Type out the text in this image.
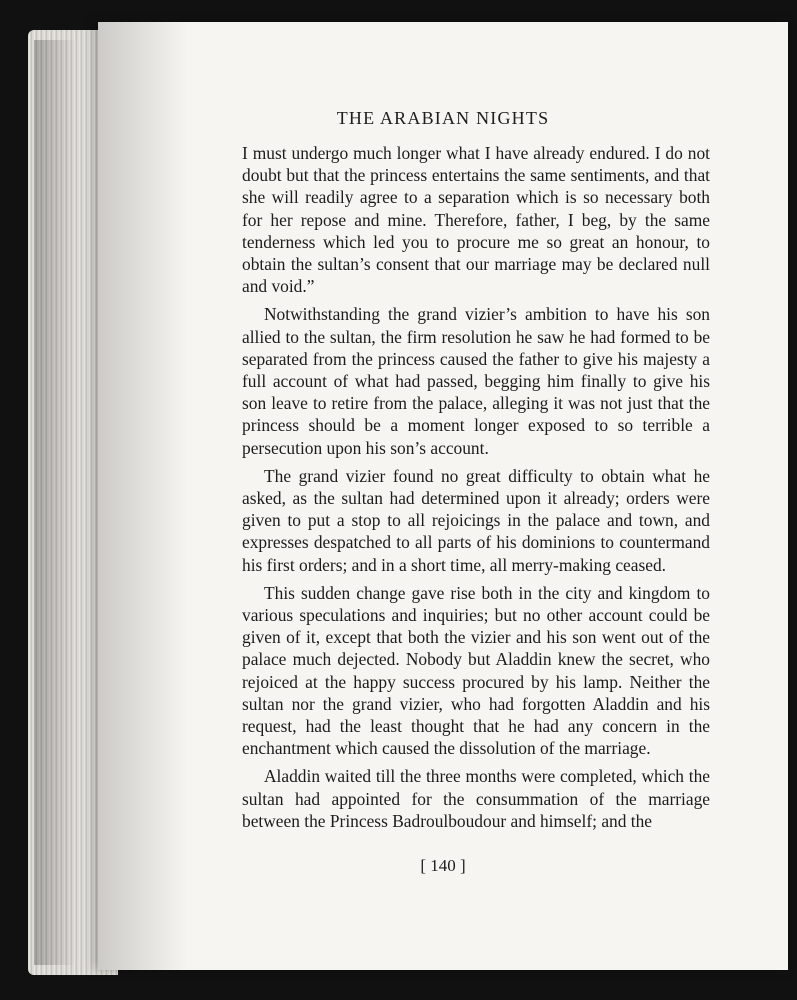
THE ARABIAN NIGHTS

I must undergo much longer what I have already endured. I do not doubt but that the princess entertains the same sentiments, and that she will readily agree to a separation which is so necessary both for her repose and mine. Therefore, father, I beg, by the same tenderness which led you to procure me so great an honour, to obtain the sultan’s consent that our marriage may be declared null and void.”

Notwithstanding the grand vizier’s ambition to have his son allied to the sultan, the firm resolution he saw he had formed to be separated from the princess caused the father to give his majesty a full account of what had passed, begging him finally to give his son leave to retire from the palace, alleging it was not just that the princess should be a moment longer exposed to so terrible a persecution upon his son’s account.

The grand vizier found no great difficulty to obtain what he asked, as the sultan had determined upon it already; orders were given to put a stop to all rejoicings in the palace and town, and expresses despatched to all parts of his dominions to countermand his first orders; and in a short time, all merry-making ceased.

This sudden change gave rise both in the city and kingdom to various speculations and inquiries; but no other account could be given of it, except that both the vizier and his son went out of the palace much dejected. Nobody but Aladdin knew the secret, who rejoiced at the happy success procured by his lamp. Neither the sultan nor the grand vizier, who had forgotten Aladdin and his request, had the least thought that he had any concern in the enchantment which caused the dissolution of the marriage.

Aladdin waited till the three months were completed, which the sultan had appointed for the consummation of the marriage between the Princess Badroulboudour and himself; and the

[ 140 ]
